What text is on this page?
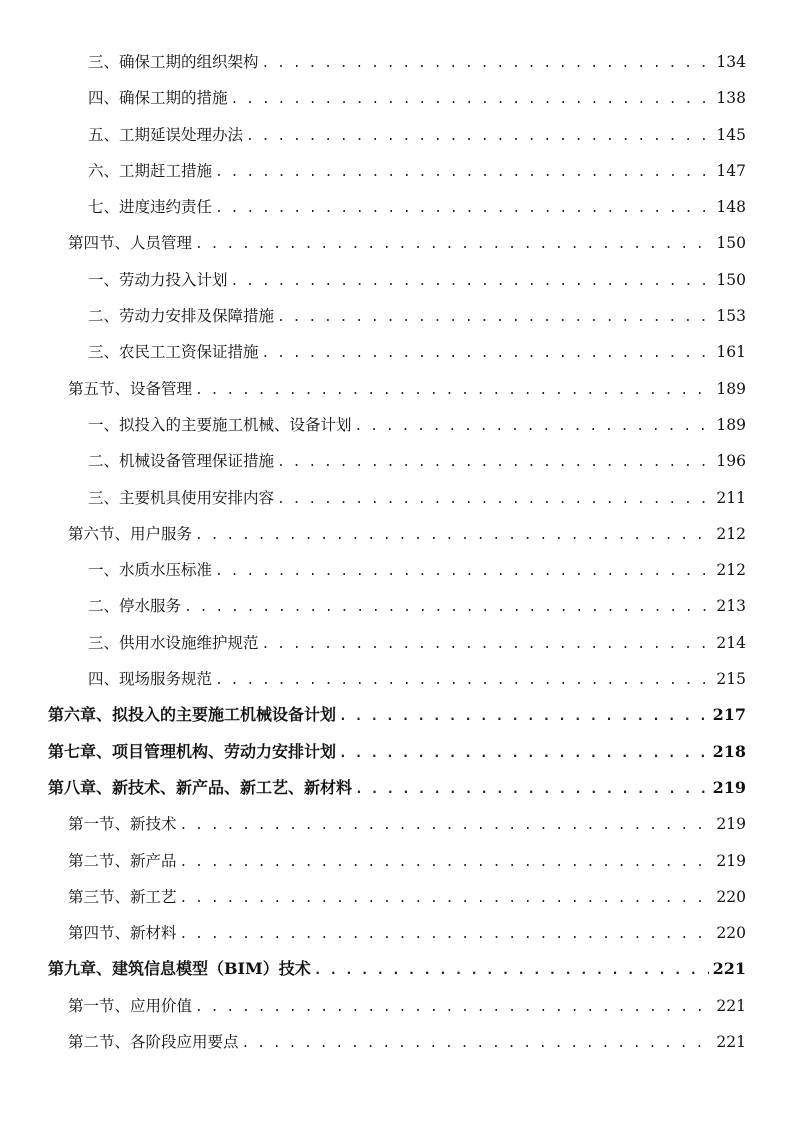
三、确保工期的组织架构 . . .	134
四、确保工期的措施 . . .	138
五、工期延误处理办法 . . .	145
六、工期赶工措施 . . .	147
七、进度违约责任 . . .	148
第四节、人员管理 . . .	150
一、劳动力投入计划 . . .	150
二、劳动力安排及保障措施 . . .	153
三、农民工工资保证措施 . . .	161
第五节、设备管理 . . .	189
一、拟投入的主要施工机械、设备计划 . . .	189
二、机械设备管理保证措施 . . .	196
三、主要机具使用安排内容 . . .	211
第六节、用户服务 . . .	212
一、水质水压标准 . . .	212
二、停水服务 . . .	213
三、供用水设施维护规范 . . .	214
四、现场服务规范 . . .	215
第六章、拟投入的主要施工机械设备计划 . . .	217
第七章、项目管理机构、劳动力安排计划 . . .	218
第八章、新技术、新产品、新工艺、新材料 . . .	219
第一节、新技术 . . .	219
第二节、新产品 . . .	219
第三节、新工艺 . . .	220
第四节、新材料 . . .	220
第九章、建筑信息模型（BIM）技术 . . .	221
第一节、应用价值 . . .	221
第二节、各阶段应用要点 . . .	221
